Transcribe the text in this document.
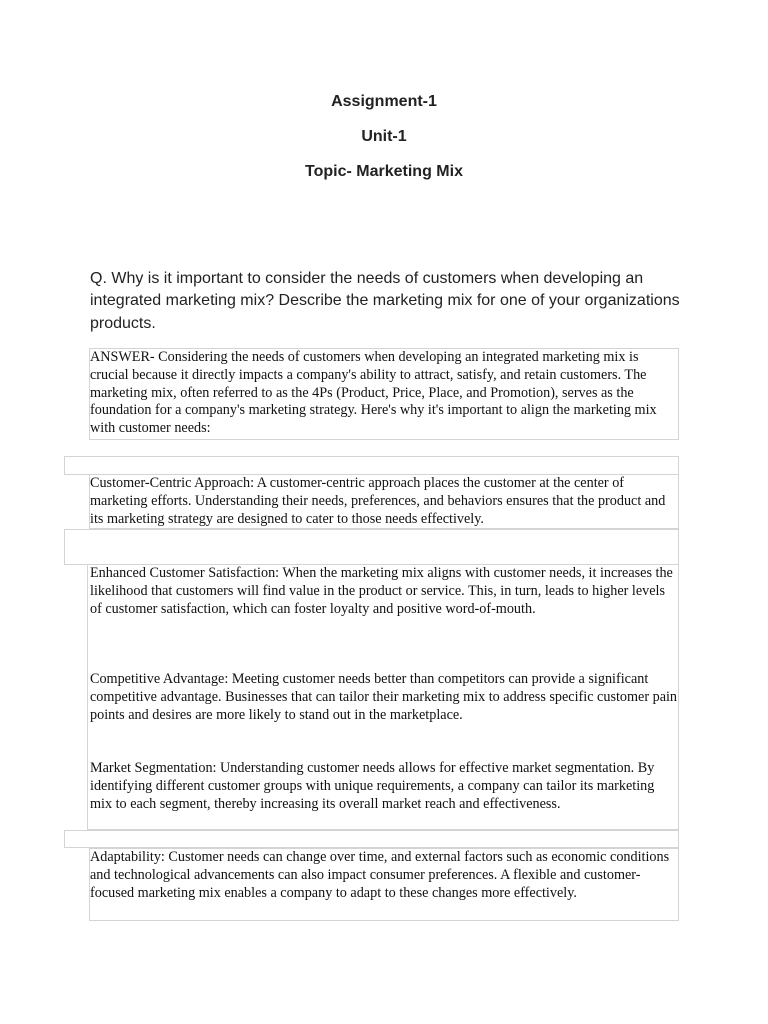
Assignment-1
Unit-1
Topic- Marketing Mix

Q. Why is it important to consider the needs of customers when developing an integrated marketing mix? Describe the marketing mix for one of your organizations products.

ANSWER- Considering the needs of customers when developing an integrated marketing mix is crucial because it directly impacts a company's ability to attract, satisfy, and retain customers. The marketing mix, often referred to as the 4Ps (Product, Price, Place, and Promotion), serves as the foundation for a company's marketing strategy. Here's why it's important to align the marketing mix with customer needs:

Customer-Centric Approach: A customer-centric approach places the customer at the center of marketing efforts. Understanding their needs, preferences, and behaviors ensures that the product and its marketing strategy are designed to cater to those needs effectively.

Enhanced Customer Satisfaction: When the marketing mix aligns with customer needs, it increases the likelihood that customers will find value in the product or service. This, in turn, leads to higher levels of customer satisfaction, which can foster loyalty and positive word-of-mouth.

Competitive Advantage: Meeting customer needs better than competitors can provide a significant competitive advantage. Businesses that can tailor their marketing mix to address specific customer pain points and desires are more likely to stand out in the marketplace.

Market Segmentation: Understanding customer needs allows for effective market segmentation. By identifying different customer groups with unique requirements, a company can tailor its marketing mix to each segment, thereby increasing its overall market reach and effectiveness.

Adaptability: Customer needs can change over time, and external factors such as economic conditions and technological advancements can also impact consumer preferences. A flexible and customer-focused marketing mix enables a company to adapt to these changes more effectively.
